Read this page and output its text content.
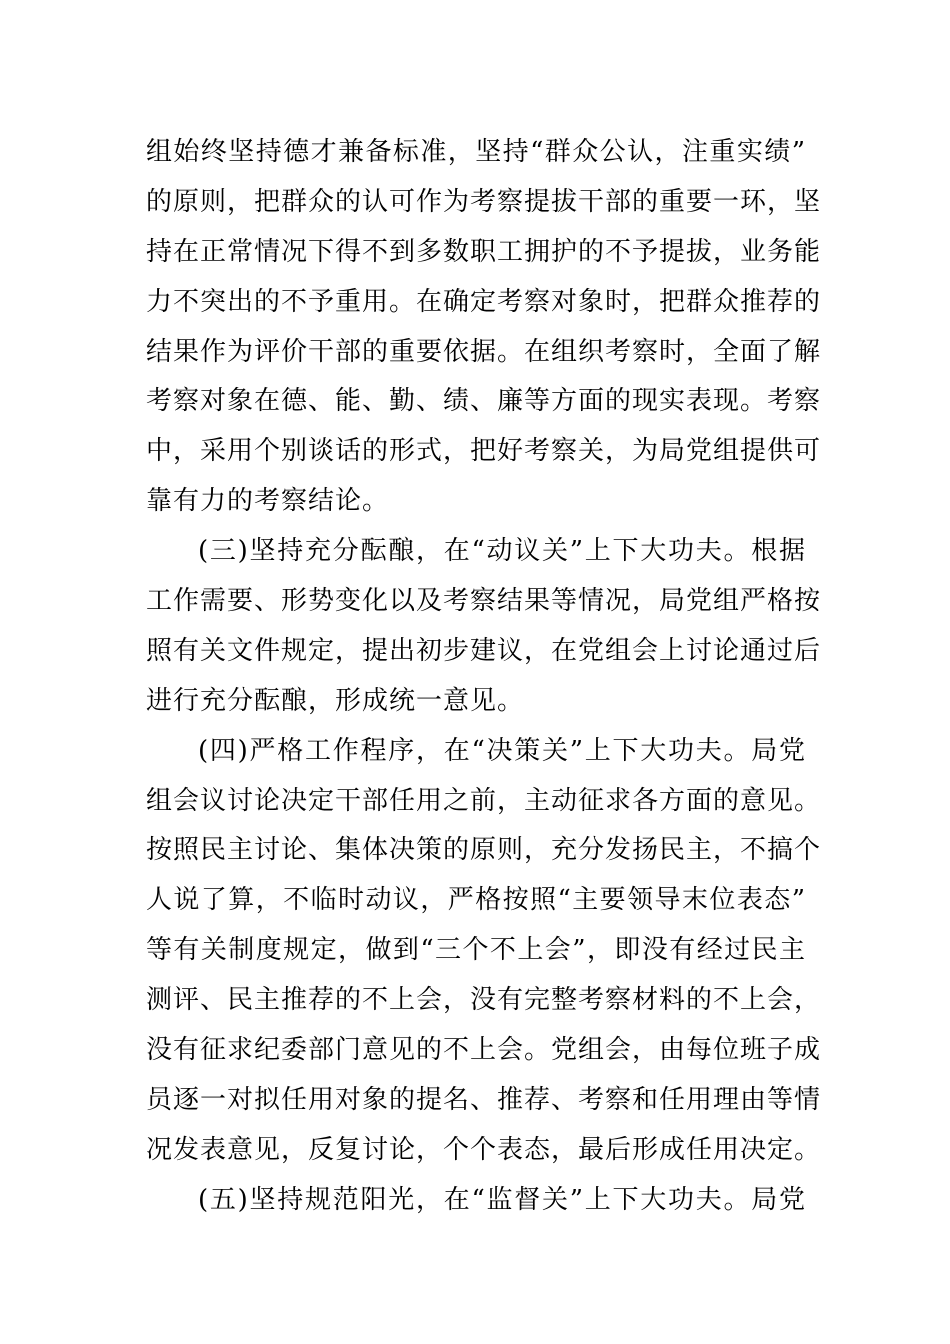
组始终坚持德才兼备标准，坚持“群众公认，注重实绩”
的原则，把群众的认可作为考察提拔干部的重要一环，坚
持在正常情况下得不到多数职工拥护的不予提拔，业务能
力不突出的不予重用。在确定考察对象时，把群众推荐的
结果作为评价干部的重要依据。在组织考察时，全面了解
考察对象在德、能、勤、绩、廉等方面的现实表现。考察
中，采用个别谈话的形式，把好考察关，为局党组提供可
靠有力的考察结论。
(三)坚持充分酝酿，在“动议关”上下大功夫。根据
工作需要、形势变化以及考察结果等情况，局党组严格按
照有关文件规定，提出初步建议，在党组会上讨论通过后
进行充分酝酿，形成统一意见。
(四)严格工作程序，在“决策关”上下大功夫。局党
组会议讨论决定干部任用之前，主动征求各方面的意见。
按照民主讨论、集体决策的原则，充分发扬民主，不搞个
人说了算，不临时动议，严格按照“主要领导末位表态”
等有关制度规定，做到“三个不上会”，即没有经过民主
测评、民主推荐的不上会，没有完整考察材料的不上会，
没有征求纪委部门意见的不上会。党组会，由每位班子成
员逐一对拟任用对象的提名、推荐、考察和任用理由等情
况发表意见，反复讨论，个个表态，最后形成任用决定。
(五)坚持规范阳光，在“监督关”上下大功夫。局党
